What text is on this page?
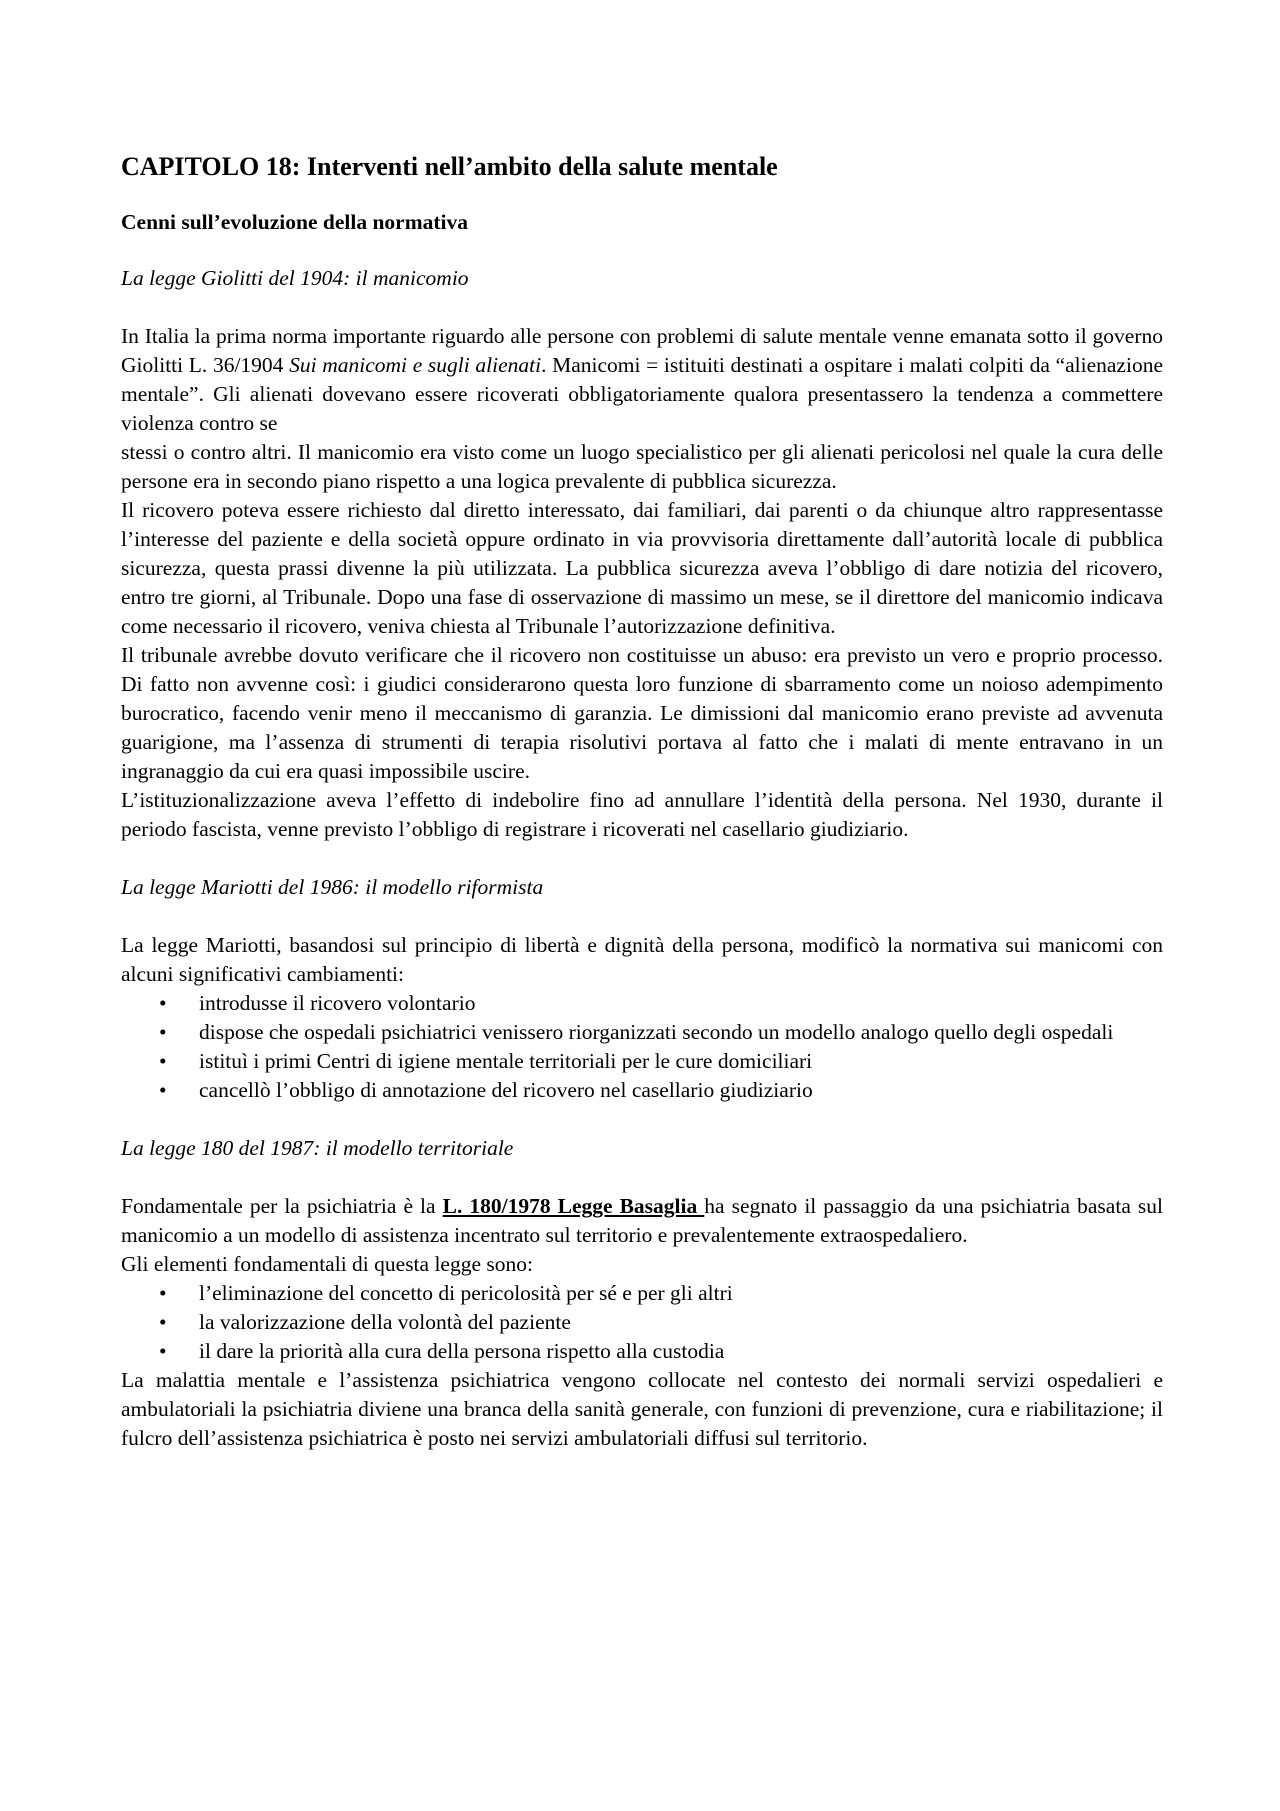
CAPITOLO 18: Interventi nell’ambito della salute mentale
Cenni sull’evoluzione della normativa
La legge Giolitti del 1904: il manicomio

In Italia la prima norma importante riguardo alle persone con problemi di salute mentale venne emanata sotto il governo Giolitti L. 36/1904 Sui manicomi e sugli alienati. Manicomi = istituiti destinati a ospitare i malati colpiti da “alienazione mentale”. Gli alienati dovevano essere ricoverati obbligatoriamente qualora presentassero la tendenza a commettere violenza contro se

stessi o contro altri. Il manicomio era visto come un luogo specialistico per gli alienati pericolosi nel quale la cura delle persone era in secondo piano rispetto a una logica prevalente di pubblica sicurezza.

Il ricovero poteva essere richiesto dal diretto interessato, dai familiari, dai parenti o da chiunque altro rappresentasse l’interesse del paziente e della società oppure ordinato in via provvisoria direttamente dall’autorità locale di pubblica sicurezza, questa prassi divenne la più utilizzata. La pubblica sicurezza aveva l’obbligo di dare notizia del ricovero, entro tre giorni, al Tribunale. Dopo una fase di osservazione di massimo un mese, se il direttore del manicomio indicava come necessario il ricovero, veniva chiesta al Tribunale l’autorizzazione definitiva.

Il tribunale avrebbe dovuto verificare che il ricovero non costituisse un abuso: era previsto un vero e proprio processo. Di fatto non avvenne così: i giudici considerarono questa loro funzione di sbarramento come un noioso adempimento burocratico, facendo venir meno il meccanismo di garanzia. Le dimissioni dal manicomio erano previste ad avvenuta guarigione, ma l’assenza di strumenti di terapia risolutivi portava al fatto che i malati di mente entravano in un ingranaggio da cui era quasi impossibile uscire.

L’istituzionalizzazione aveva l’effetto di indebolire fino ad annullare l’identità della persona. Nel 1930, durante il periodo fascista, venne previsto l’obbligo di registrare i ricoverati nel casellario giudiziario.

La legge Mariotti del 1986: il modello riformista

La legge Mariotti, basandosi sul principio di libertà e dignità della persona, modificò la normativa sui manicomi con alcuni significativi cambiamenti:

• introdusse il ricovero volontario
• dispose che ospedali psichiatrici venissero riorganizzati secondo un modello analogo quello degli ospedali
• istituì i primi Centri di igiene mentale territoriali per le cure domiciliari
• cancellò l’obbligo di annotazione del ricovero nel casellario giudiziario
La legge 180 del 1987: il modello territoriale

Fondamentale per la psichiatria è la L. 180/1978 Legge Basaglia ha segnato il passaggio da una psichiatria basata sul manicomio a un modello di assistenza incentrato sul territorio e prevalentemente extraospedaliero.

Gli elementi fondamentali di questa legge sono:

• l’eliminazione del concetto di pericolosità per sé e per gli altri
• la valorizzazione della volontà del paziente
• il dare la priorità alla cura della persona rispetto alla custodia

La malattia mentale e l’assistenza psichiatrica vengono collocate nel contesto dei normali servizi ospedalieri e ambulatoriali la psichiatria diviene una branca della sanità generale, con funzioni di prevenzione, cura e riabilitazione; il fulcro dell’assistenza psichiatrica è posto nei servizi ambulatoriali diffusi sul territorio.
